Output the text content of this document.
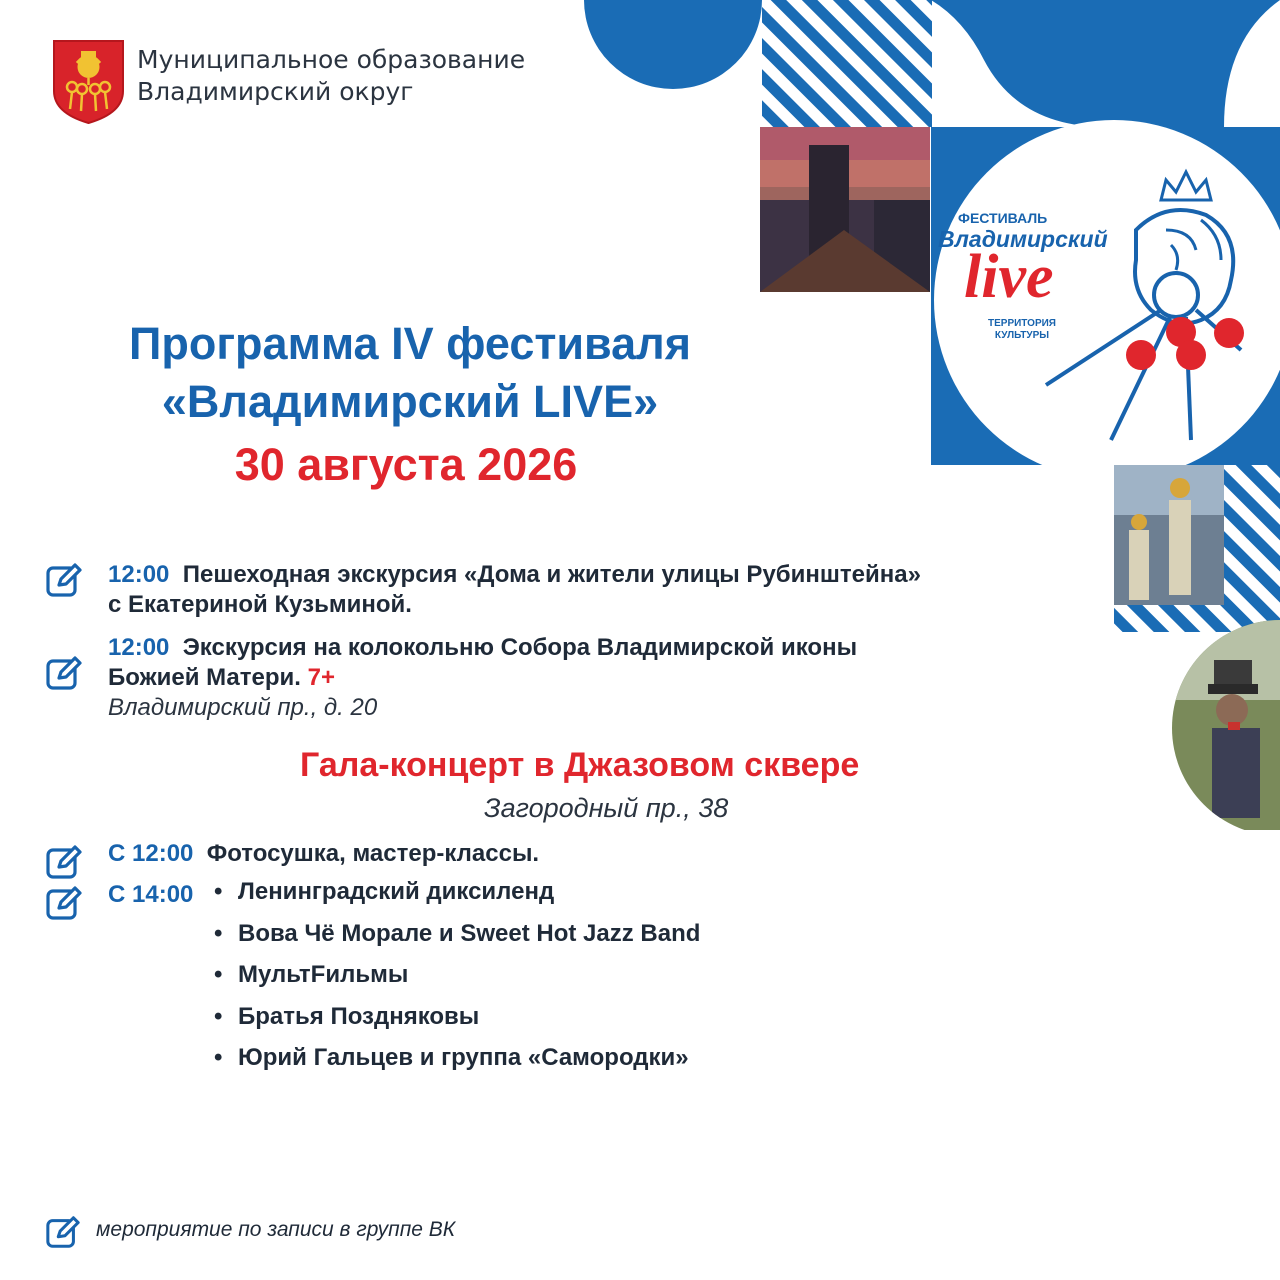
Муниципальное образование
Владимирский округ
ФЕСТИВАЛЬ
Владимирский
live
ТЕРРИТОРИЯ
КУЛЬТУРЫ
Программа IV фестиваля
«Владимирский LIVE»
30 августа 2026
12:00 Пешеходная экскурсия «Дома и жители улицы Рубинштейна»
с Екатериной Кузьминой.
12:00 Экскурсия на колокольню Собора Владимирской иконы
Божией Матери. 7+
Владимирский пр., д. 20
Гала-концерт в Джазовом сквере
Загородный пр., 38
С 12:00 Фотосушка, мастер-классы.
С 14:00
•	Ленинградский диксиленд
• Вова Чё Морале и Sweet Hot Jazz Band
• МультFильмы
• Братья Поздняковы
• Юрий Гальцев и группа «Самородки»
мероприятие по записи в группе ВК
